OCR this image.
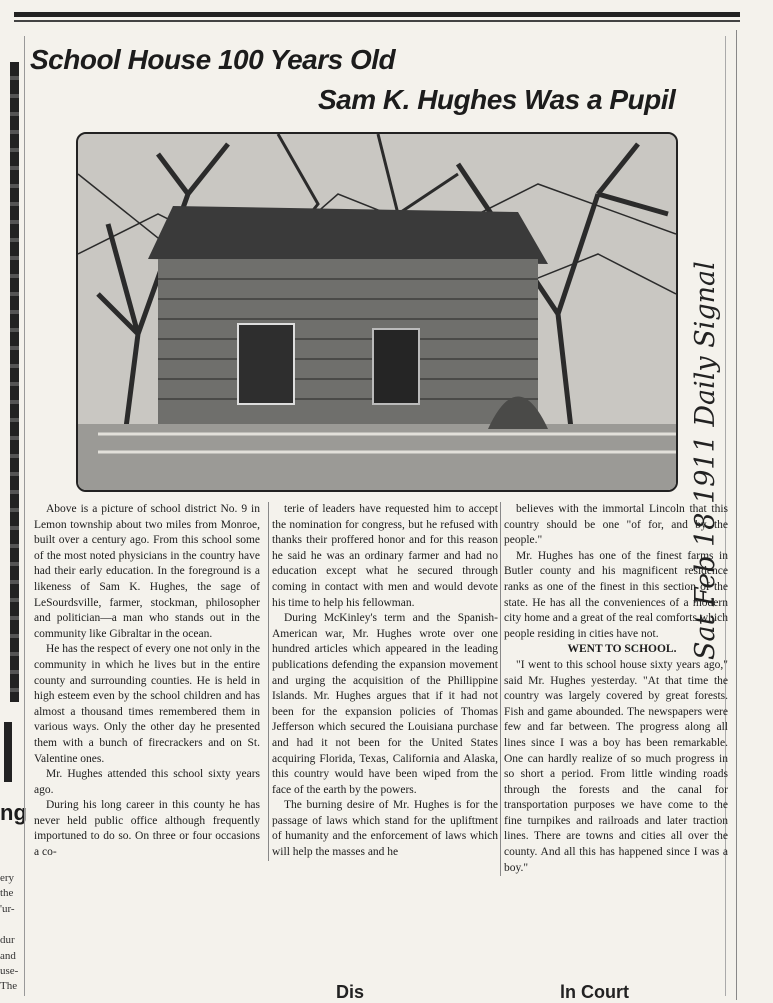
ng
ery
the
'ur-
dur
and
use-
The
School House 100 Years Old
Sam K. Hughes Was a Pupil

Above is a picture of school district No. 9 in Lemon township about two miles from Monroe, built over a century ago. From this school some of the most noted physicians in the country have had their early education. In the foreground is a likeness of Sam K. Hughes, the sage of LeSourdsville, farmer, stockman, philosopher and politician—a man who stands out in the community like Gibraltar in the ocean.

He has the respect of every one not only in the community in which he lives but in the entire county and surrounding counties. He is held in high esteem even by the school children and has almost a thousand times remembered them in various ways. Only the other day he presented them with a bunch of firecrackers and on St. Valentine ones.

Mr. Hughes attended this school sixty years ago.

During his long career in this county he has never held public office although frequently importuned to do so. On three or four occasions a co-

terie of leaders have requested him to accept the nomination for congress, but he refused with thanks their proffered honor and for this reason he said he was an ordinary farmer and had no education except what he secured through coming in contact with men and would devote his time to help his fellowman.

During McKinley's term and the Spanish-American war, Mr. Hughes wrote over one hundred articles which appeared in the leading publications defending the expansion movement and urging the acquisition of the Phillippine Islands. Mr. Hughes argues that if it had not been for the expansion policies of Thomas Jefferson which secured the Louisiana purchase and had it not been for the United States acquiring Florida, Texas, California and Alaska, this country would have been wiped from the face of the earth by the powers.

The burning desire of Mr. Hughes is for the passage of laws which stand for the upliftment of humanity and the enforcement of laws which will help the masses and he

believes with the immortal Lincoln that this country should be one "of for, and by the people."

Mr. Hughes has one of the finest farms in Butler county and his magnificent residence ranks as one of the finest in this section of the state. He has all the conveniences of a modern city home and a great of the real comforts which people residing in cities have not.

WENT TO SCHOOL.

"I went to this school house sixty years ago," said Mr. Hughes yesterday. "At that time the country was largely covered by great forests. Fish and game abounded. The newspapers were few and far between. The progress along all lines since I was a boy has been remarkable. One can hardly realize of so much progress in so short a period. From little winding roads through the forests and the canal for transportation purposes we have come to the fine turnpikes and railroads and later traction lines. There are towns and cities all over the county. And all this has happened since I was a boy."

Sat Feb 18 1911 Daily Signal
Dis	ln Court
